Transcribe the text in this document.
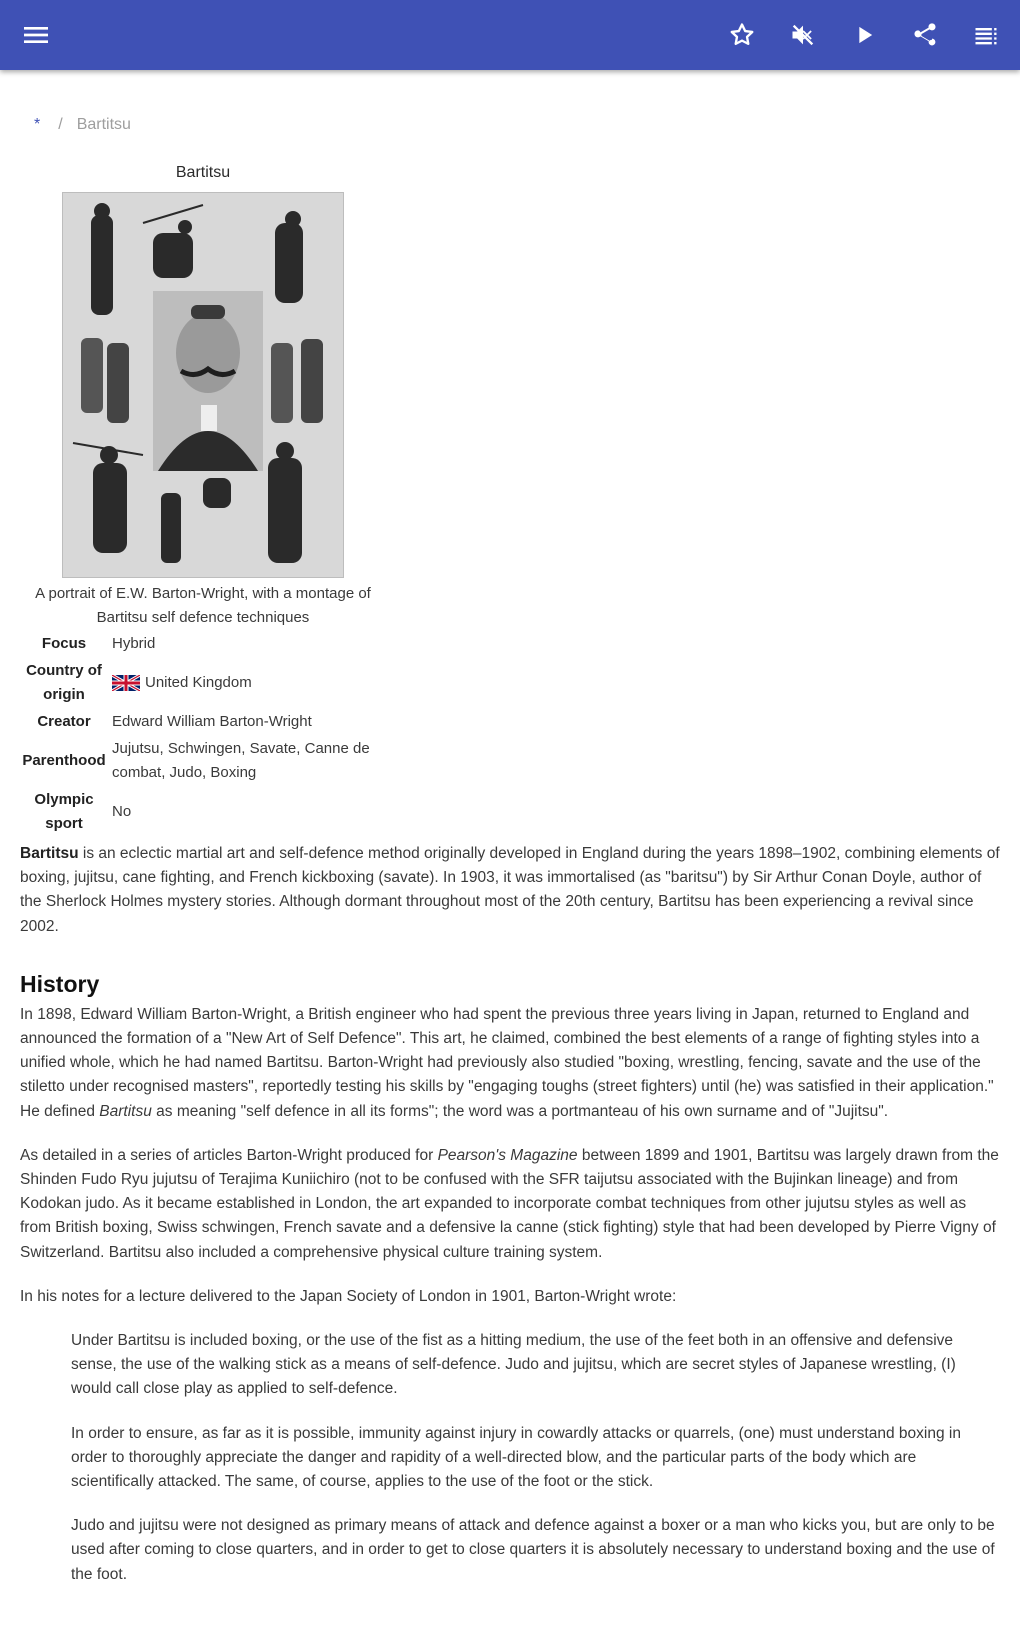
* / Bartitsu
Bartitsu
A portrait of E.W. Barton-Wright, with a montage of Bartitsu self defence techniques
Focus	Hybrid
Country of origin
United Kingdom
Creator	Edward William Barton-Wright
Parenthood
Jujutsu, Schwingen, Savate, Canne de combat, Judo, Boxing
Olympic sport
No

Bartitsu is an eclectic martial art and self-defence method originally developed in England during the years 1898–1902, combining elements of boxing, jujitsu, cane fighting, and French kickboxing (savate). In 1903, it was immortalised (as "baritsu") by Sir Arthur Conan Doyle, author of the Sherlock Holmes mystery stories. Although dormant throughout most of the 20th century, Bartitsu has been experiencing a revival since 2002.

History

In 1898, Edward William Barton-Wright, a British engineer who had spent the previous three years living in Japan, returned to England and announced the formation of a "New Art of Self Defence". This art, he claimed, combined the best elements of a range of fighting styles into a unified whole, which he had named Bartitsu. Barton-Wright had previously also studied "boxing, wrestling, fencing, savate and the use of the stiletto under recognised masters", reportedly testing his skills by "engaging toughs (street fighters) until (he) was satisfied in their application." He defined Bartitsu as meaning "self defence in all its forms"; the word was a portmanteau of his own surname and of "Jujitsu".

As detailed in a series of articles Barton-Wright produced for Pearson's Magazine between 1899 and 1901, Bartitsu was largely drawn from the Shinden Fudo Ryu jujutsu of Terajima Kuniichiro (not to be confused with the SFR taijutsu associated with the Bujinkan lineage) and from Kodokan judo. As it became established in London, the art expanded to incorporate combat techniques from other jujutsu styles as well as from British boxing, Swiss schwingen, French savate and a defensive la canne (stick fighting) style that had been developed by Pierre Vigny of Switzerland. Bartitsu also included a comprehensive physical culture training system.

In his notes for a lecture delivered to the Japan Society of London in 1901, Barton-Wright wrote:

Under Bartitsu is included boxing, or the use of the fist as a hitting medium, the use of the feet both in an offensive and defensive sense, the use of the walking stick as a means of self-defence. Judo and jujitsu, which are secret styles of Japanese wrestling, (I) would call close play as applied to self-defence.

In order to ensure, as far as it is possible, immunity against injury in cowardly attacks or quarrels, (one) must understand boxing in order to thoroughly appreciate the danger and rapidity of a well-directed blow, and the particular parts of the body which are scientifically attacked. The same, of course, applies to the use of the foot or the stick.

Judo and jujitsu were not designed as primary means of attack and defence against a boxer or a man who kicks you, but are only to be used after coming to close quarters, and in order to get to close quarters it is absolutely necessary to understand boxing and the use of the foot.
